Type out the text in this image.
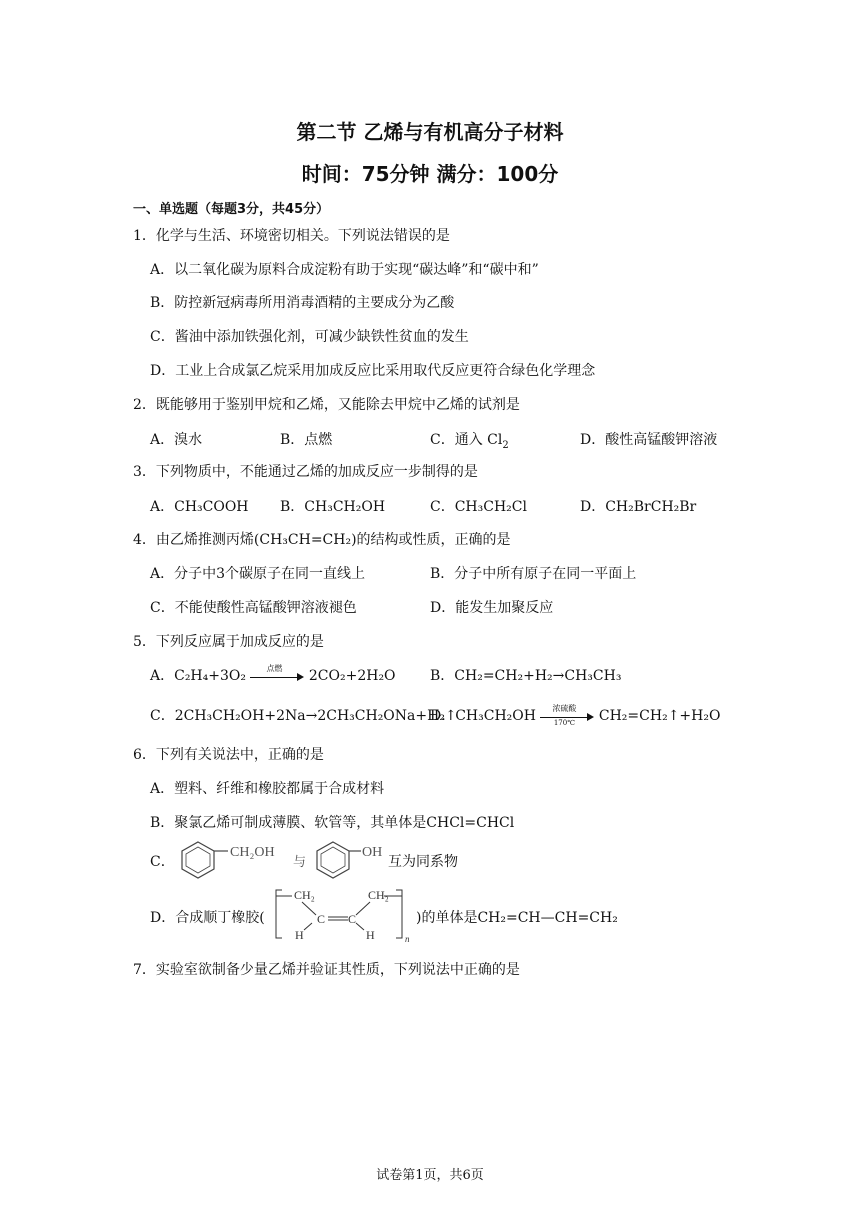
第二节 乙烯与有机高分子材料
时间：75分钟 满分：100分
一、单选题（每题3分，共45分）
1．化学与生活、环境密切相关。下列说法错误的是
A．以二氧化碳为原料合成淀粉有助于实现“碳达峰”和“碳中和”
B．防控新冠病毒所用消毒酒精的主要成分为乙酸
C．酱油中添加铁强化剂，可减少缺铁性贫血的发生
D．工业上合成氯乙烷采用加成反应比采用取代反应更符合绿色化学理念
2．既能够用于鉴别甲烷和乙烯，又能除去甲烷中乙烯的试剂是
A．溴水	B．点燃	C．通入 $Cl_2$	D．酸性高锰酸钾溶液
3．下列物质中，不能通过乙烯的加成反应一步制得的是
A．CH₃COOH B．CH₃CH₂OH	C．CH₃CH₂Cl	D．CH₂BrCH₂Br
4．由乙烯推测丙烯(CH₃CH=CH₂)的结构或性质，正确的是
A．分子中3个碳原子在同一直线上	B．分子中所有原子在同一平面上
C．不能使酸性高锰酸钾溶液褪色	D．能发生加聚反应
5．下列反应属于加成反应的是
A．C₂H₄+3O₂	点燃	2CO₂+2H₂O B．CH₂=CH₂+H₂→CH₃CH₃
C．2CH₃CH₂OH+2Na→2CH₃CH₂ONa+H₂↑
D．CH₃CH₂OH	浓硫酸
170℃	CH₂=CH₂↑+H₂O
6．下列有关说法中，正确的是
A．塑料、纤维和橡胶都属于合成材料
B．聚氯乙烯可制成薄膜、软管等，其单体是CHCl=CHCl
C．
CH₂OH
与
OH
互为同系物
D．合成顺丁橡胶(
CH₂	CH₂
C C
H	H	n
)的单体是CH₂=CH—CH=CH₂
7．实验室欲制备少量乙烯并验证其性质，下列说法中正确的是
试卷第1页，共6页
